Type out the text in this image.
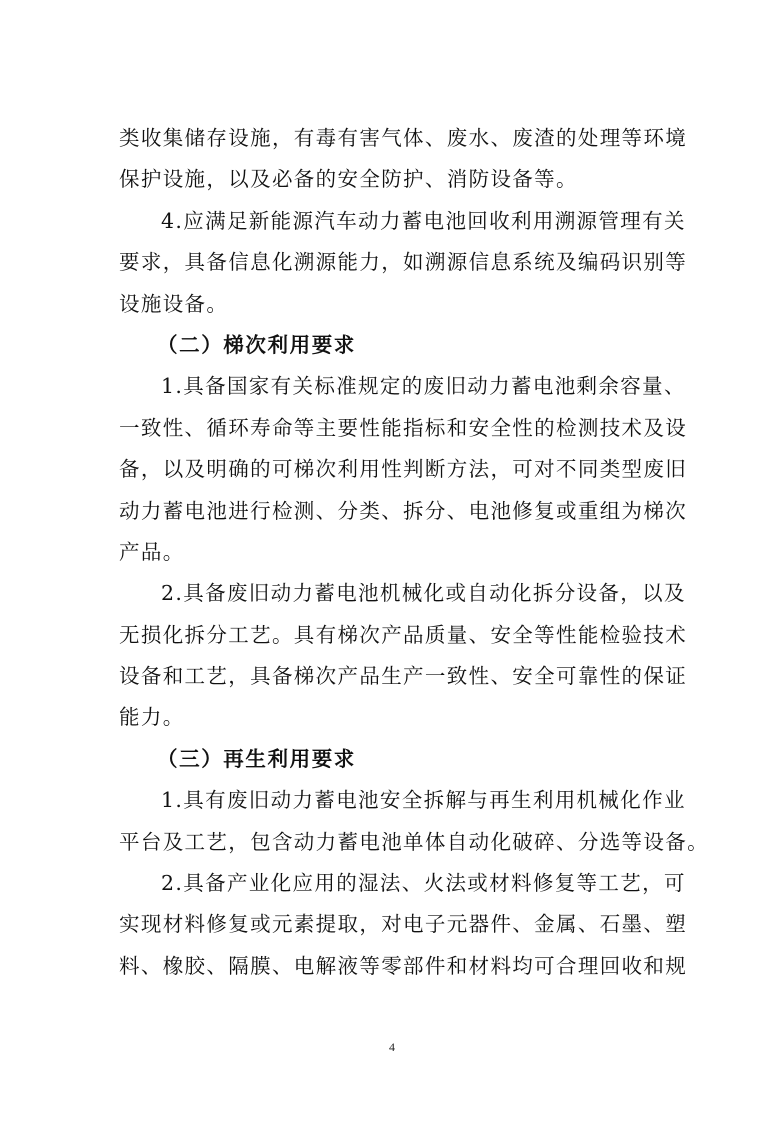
类收集储存设施，有毒有害气体、废水、废渣的处理等环境
保护设施，以及必备的安全防护、消防设备等。
4.应满足新能源汽车动力蓄电池回收利用溯源管理有关
要求，具备信息化溯源能力，如溯源信息系统及编码识别等
设施设备。
（二）梯次利用要求
1.具备国家有关标准规定的废旧动力蓄电池剩余容量、
一致性、循环寿命等主要性能指标和安全性的检测技术及设
备，以及明确的可梯次利用性判断方法，可对不同类型废旧
动力蓄电池进行检测、分类、拆分、电池修复或重组为梯次
产品。
2.具备废旧动力蓄电池机械化或自动化拆分设备，以及
无损化拆分工艺。具有梯次产品质量、安全等性能检验技术
设备和工艺，具备梯次产品生产一致性、安全可靠性的保证
能力。
（三）再生利用要求
1.具有废旧动力蓄电池安全拆解与再生利用机械化作业
平台及工艺，包含动力蓄电池单体自动化破碎、分选等设备。
2.具备产业化应用的湿法、火法或材料修复等工艺，可
实现材料修复或元素提取，对电子元器件、金属、石墨、塑
料、橡胶、隔膜、电解液等零部件和材料均可合理回收和规
4
